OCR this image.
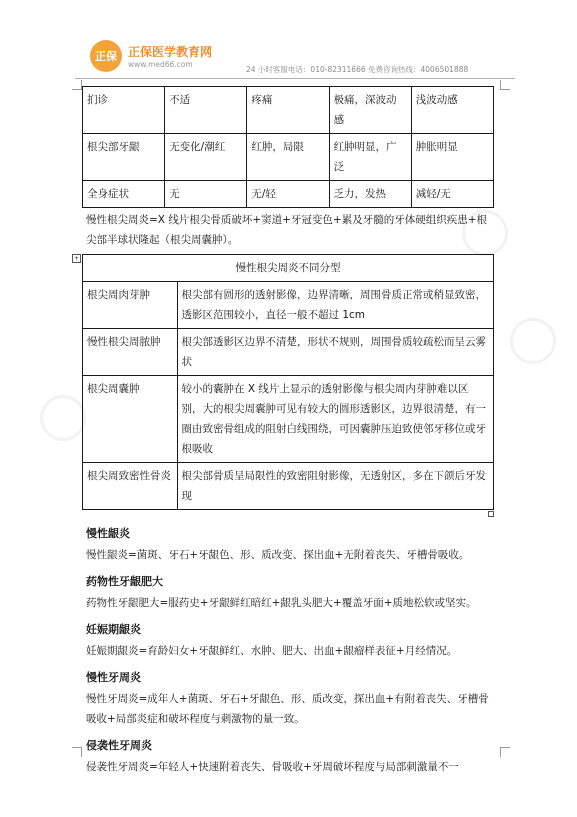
正保 正保医学教育网
www.med66.com
24 小时客服电话：010-82311666 免费咨询热线：4006501888
扪诊	不适	疼痛	极痛，深波动感	浅波动感
根尖部牙龈	无变化/潮红	红肿，局限	红肿明显，广泛	肿胀明显
全身症状	无	无/轻	乏力，发热	减轻/无
慢性根尖周炎=X 线片根尖骨质破坏+窦道+牙冠变色+累及牙髓的牙体硬组织疾患+根尖部半球状隆起（根尖周囊肿）。
+
慢性根尖周炎不同分型	
根尖周肉芽肿	根尖部有圆形的透射影像，边界清晰，周围骨质正常或稍显致密，透影区范围较小，直径一般不超过 1cm
慢性根尖周脓肿	根尖部透影区边界不清楚，形状不规则，周围骨质较疏松而呈云雾状
根尖周囊肿	较小的囊肿在 X 线片上显示的透射影像与根尖周内芽肿难以区别，大的根尖周囊肿可见有较大的圆形透影区，边界很清楚，有一圈由致密骨组成的阻射白线围绕，可因囊肿压迫致使邻牙移位或牙根吸收
根尖周致密性骨炎	根尖部骨质呈局限性的致密阻射影像，无透射区，多在下颌后牙发现
慢性龈炎
慢性龈炎=菌斑、牙石+牙龈色、形、质改变、探出血+无附着丧失、牙槽骨吸收。
药物性牙龈肥大
药物性牙龈肥大=服药史+牙龈鲜红暗红+龈乳头肥大+覆盖牙面+质地松软或坚实。
妊娠期龈炎
妊娠期龈炎=育龄妇女+牙龈鲜红、水肿、肥大、出血+龈瘤样表征+月经情况。
慢性牙周炎
慢性牙周炎=成年人+菌斑、牙石+牙龈色、形、质改变，探出血+有附着丧失、牙槽骨吸收+局部炎症和破坏程度与刺激物的量一致。
侵袭性牙周炎
侵袭性牙周炎=年轻人+快速附着丧失、骨吸收+牙周破坏程度与局部刺激量不一
